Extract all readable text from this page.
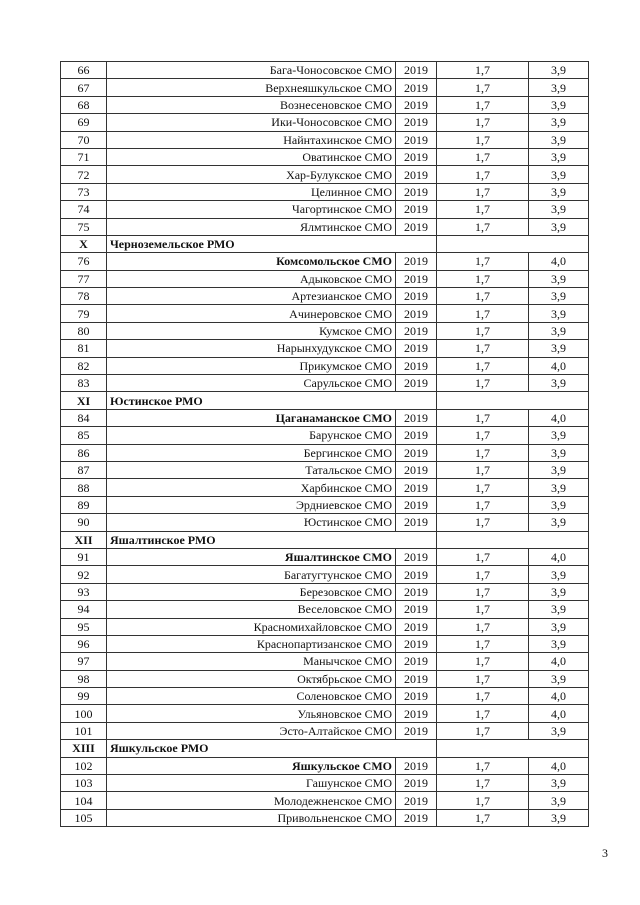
66	Бага-Чоносовское СМО	2019	1,7	3,9
67	Верхнеяшкульское СМО	2019	1,7	3,9
68	Вознесеновское СМО	2019	1,7	3,9
69	Ики-Чоносовское СМО	2019	1,7	3,9
70	Найнтахинское СМО	2019	1,7	3,9
71	Оватинское СМО	2019	1,7	3,9
72	Хар-Булукское СМО	2019	1,7	3,9
73	Целинное СМО	2019	1,7	3,9
74	Чагортинское СМО	2019	1,7	3,9
75	Ялмтинское СМО	2019	1,7	3,9
X	Черноземельское РМО			
76	Комсомольское СМО	2019	1,7	4,0
77	Адыковское СМО	2019	1,7	3,9
78	Артезианское СМО	2019	1,7	3,9
79	Ачинеровское СМО	2019	1,7	3,9
80	Кумское СМО	2019	1,7	3,9
81	Нарынхудукское СМО	2019	1,7	3,9
82	Прикумское СМО	2019	1,7	4,0
83	Сарульское СМО	2019	1,7	3,9
XI	Юстинское РМО			
84	Цаганаманское СМО	2019	1,7	4,0
85	Барунское СМО	2019	1,7	3,9
86	Бергинское СМО	2019	1,7	3,9
87	Татальское СМО	2019	1,7	3,9
88	Харбинское СМО	2019	1,7	3,9
89	Эрдниевское СМО	2019	1,7	3,9
90	Юстинское СМО	2019	1,7	3,9
XII	Яшалтинское РМО			
91	Яшалтинское СМО	2019	1,7	4,0
92	Багатугтунское СМО	2019	1,7	3,9
93	Березовское СМО	2019	1,7	3,9
94	Веселовское СМО	2019	1,7	3,9
95	Красномихайловское СМО	2019	1,7	3,9
96	Краснопартизанское СМО	2019	1,7	3,9
97	Манычское СМО	2019	1,7	4,0
98	Октябрьское СМО	2019	1,7	3,9
99	Соленовское СМО	2019	1,7	4,0
100	Ульяновское СМО	2019	1,7	4,0
101	Эсто-Алтайское СМО	2019	1,7	3,9
XIII	Яшкульское РМО			
102	Яшкульское СМО	2019	1,7	4,0
103	Гашунское СМО	2019	1,7	3,9
104	Молодежненское СМО	2019	1,7	3,9
105	Привольненское СМО	2019	1,7	3,9
3
